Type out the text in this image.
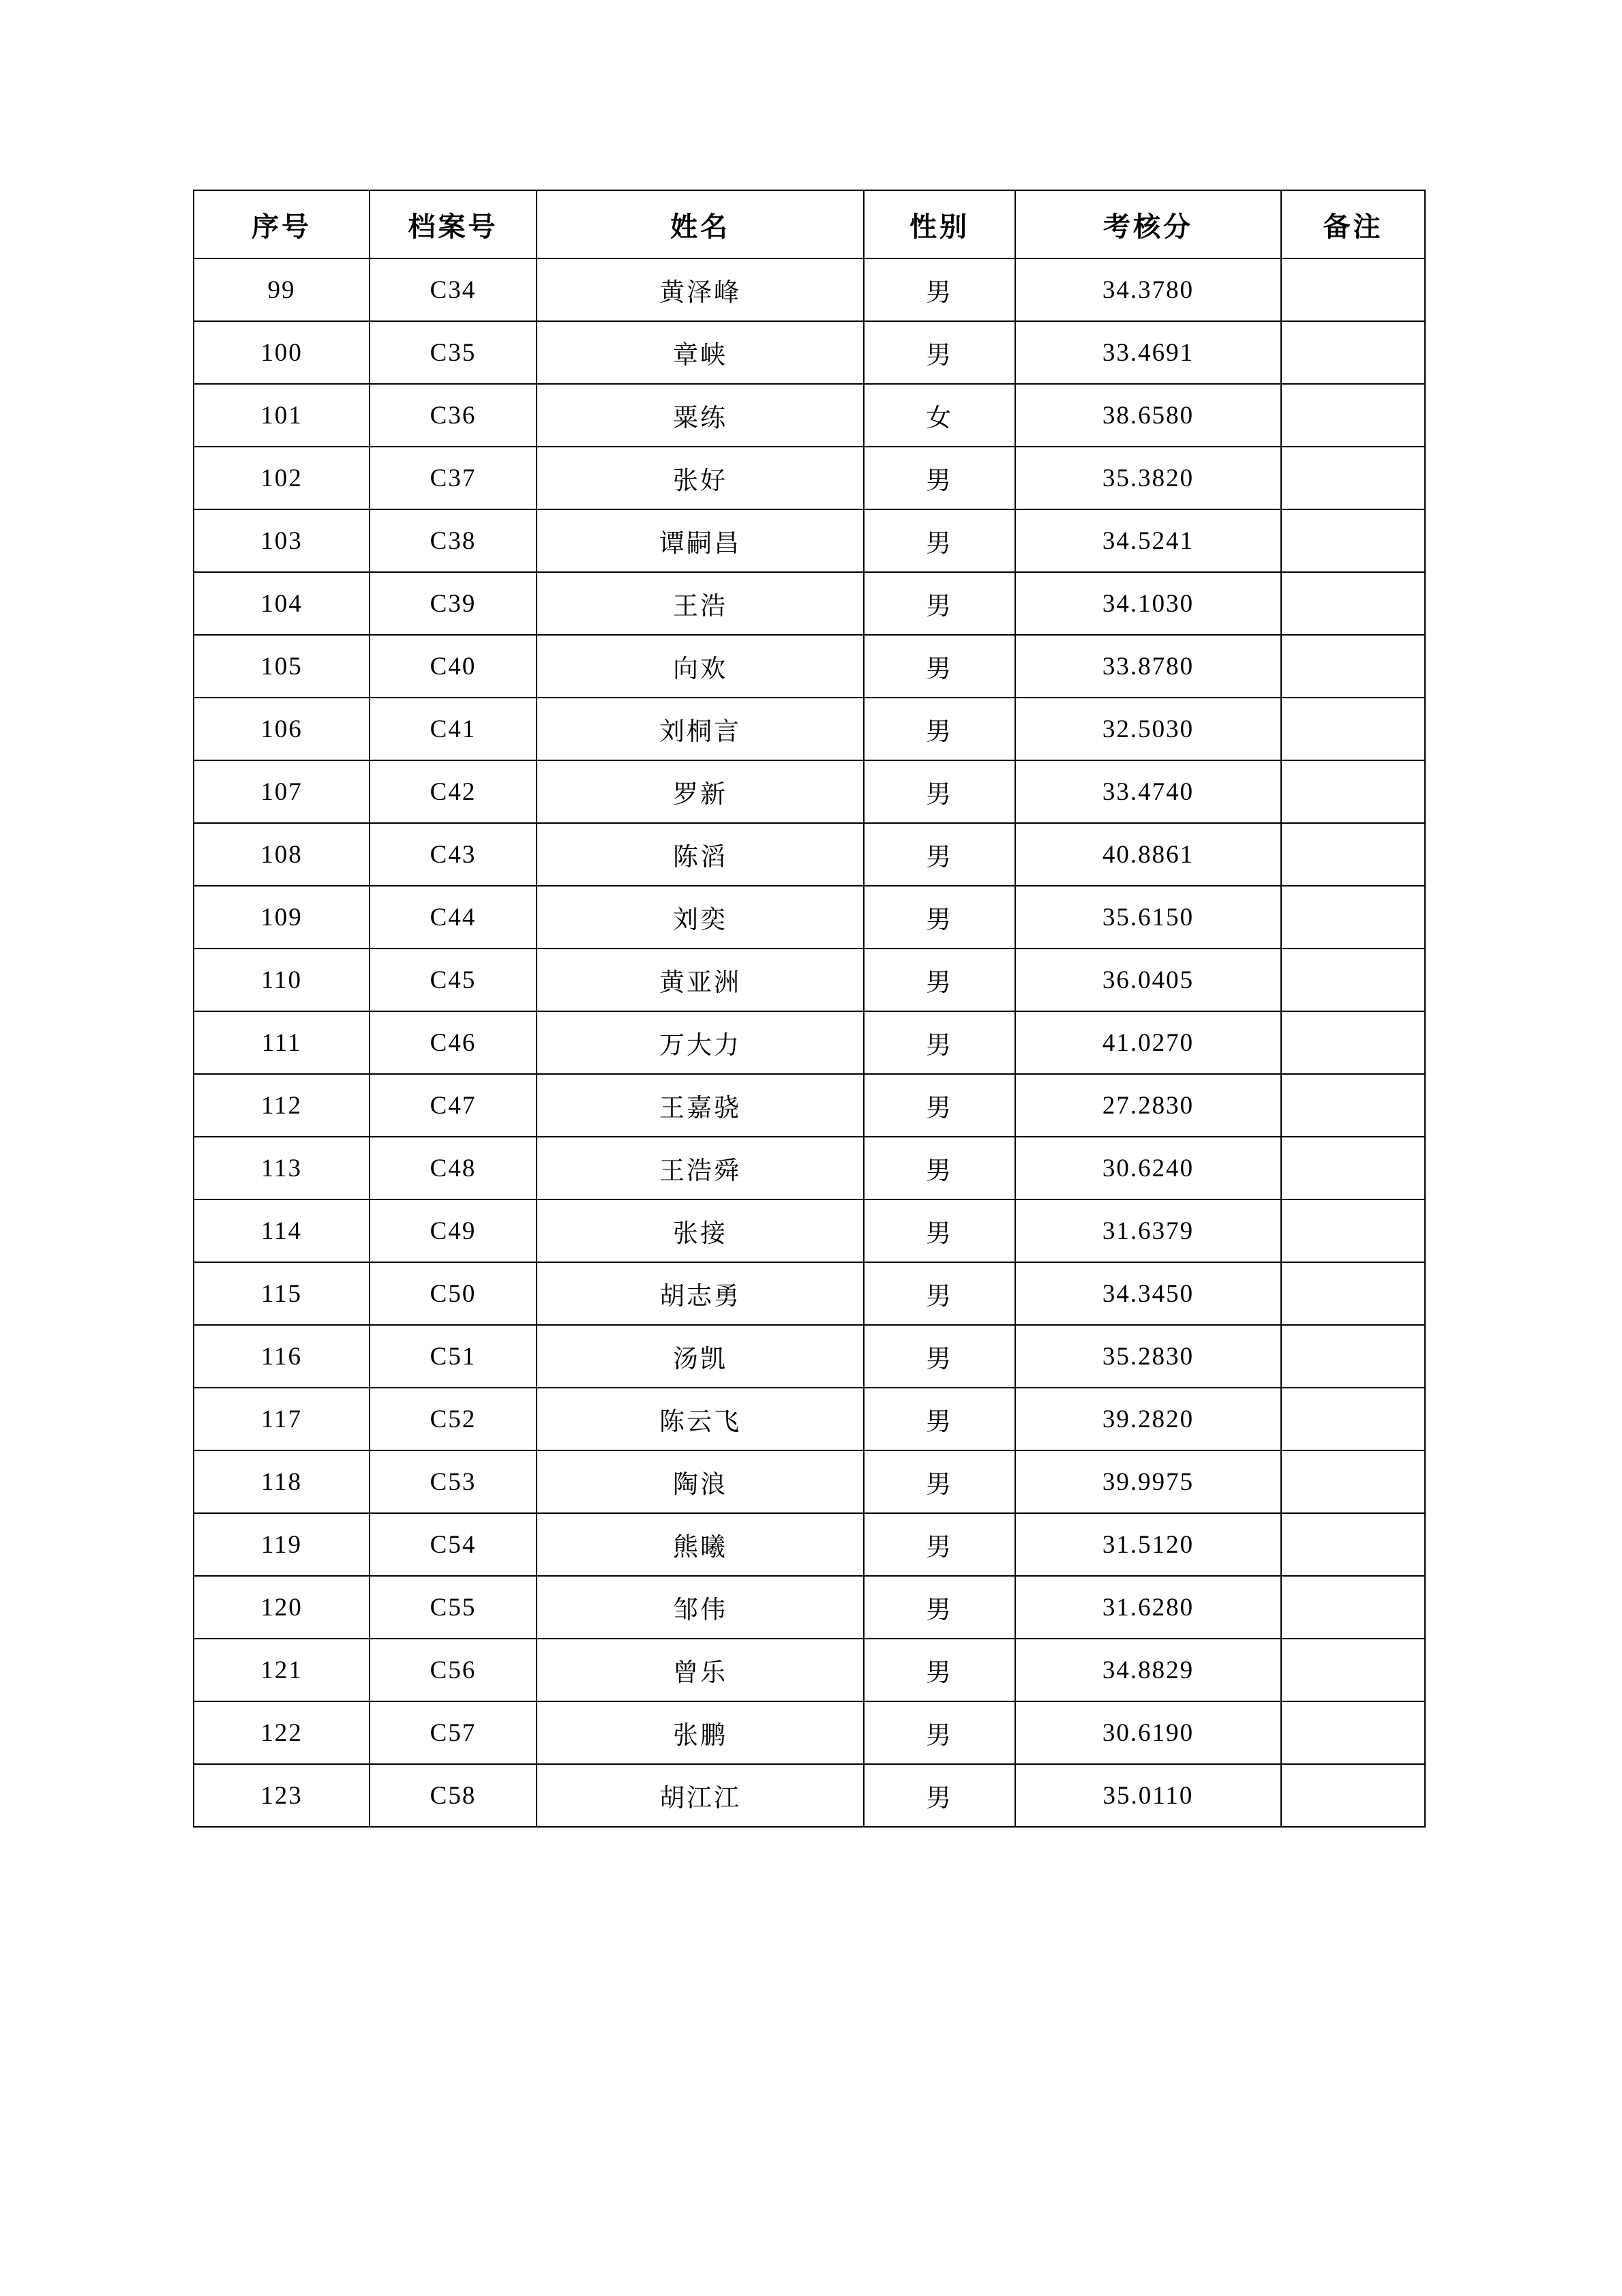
序号	档案号	姓名	性别	考核分	备注
99	C34	黄泽峰	男	34.3780	
100	C35	章峡	男	33.4691	
101	C36	粟练	女	38.6580	
102	C37	张好	男	35.3820	
103	C38	谭嗣昌	男	34.5241	
104	C39	王浩	男	34.1030	
105	C40	向欢	男	33.8780	
106	C41	刘桐言	男	32.5030	
107	C42	罗新	男	33.4740	
108	C43	陈滔	男	40.8861	
109	C44	刘奕	男	35.6150	
110	C45	黄亚洲	男	36.0405	
111	C46	万大力	男	41.0270	
112	C47	王嘉骁	男	27.2830	
113	C48	王浩舜	男	30.6240	
114	C49	张接	男	31.6379	
115	C50	胡志勇	男	34.3450	
116	C51	汤凯	男	35.2830	
117	C52	陈云飞	男	39.2820	
118	C53	陶浪	男	39.9975	
119	C54	熊曦	男	31.5120	
120	C55	邹伟	男	31.6280	
121	C56	曾乐	男	34.8829	
122	C57	张鹏	男	30.6190	
123	C58	胡江江	男	35.0110	
